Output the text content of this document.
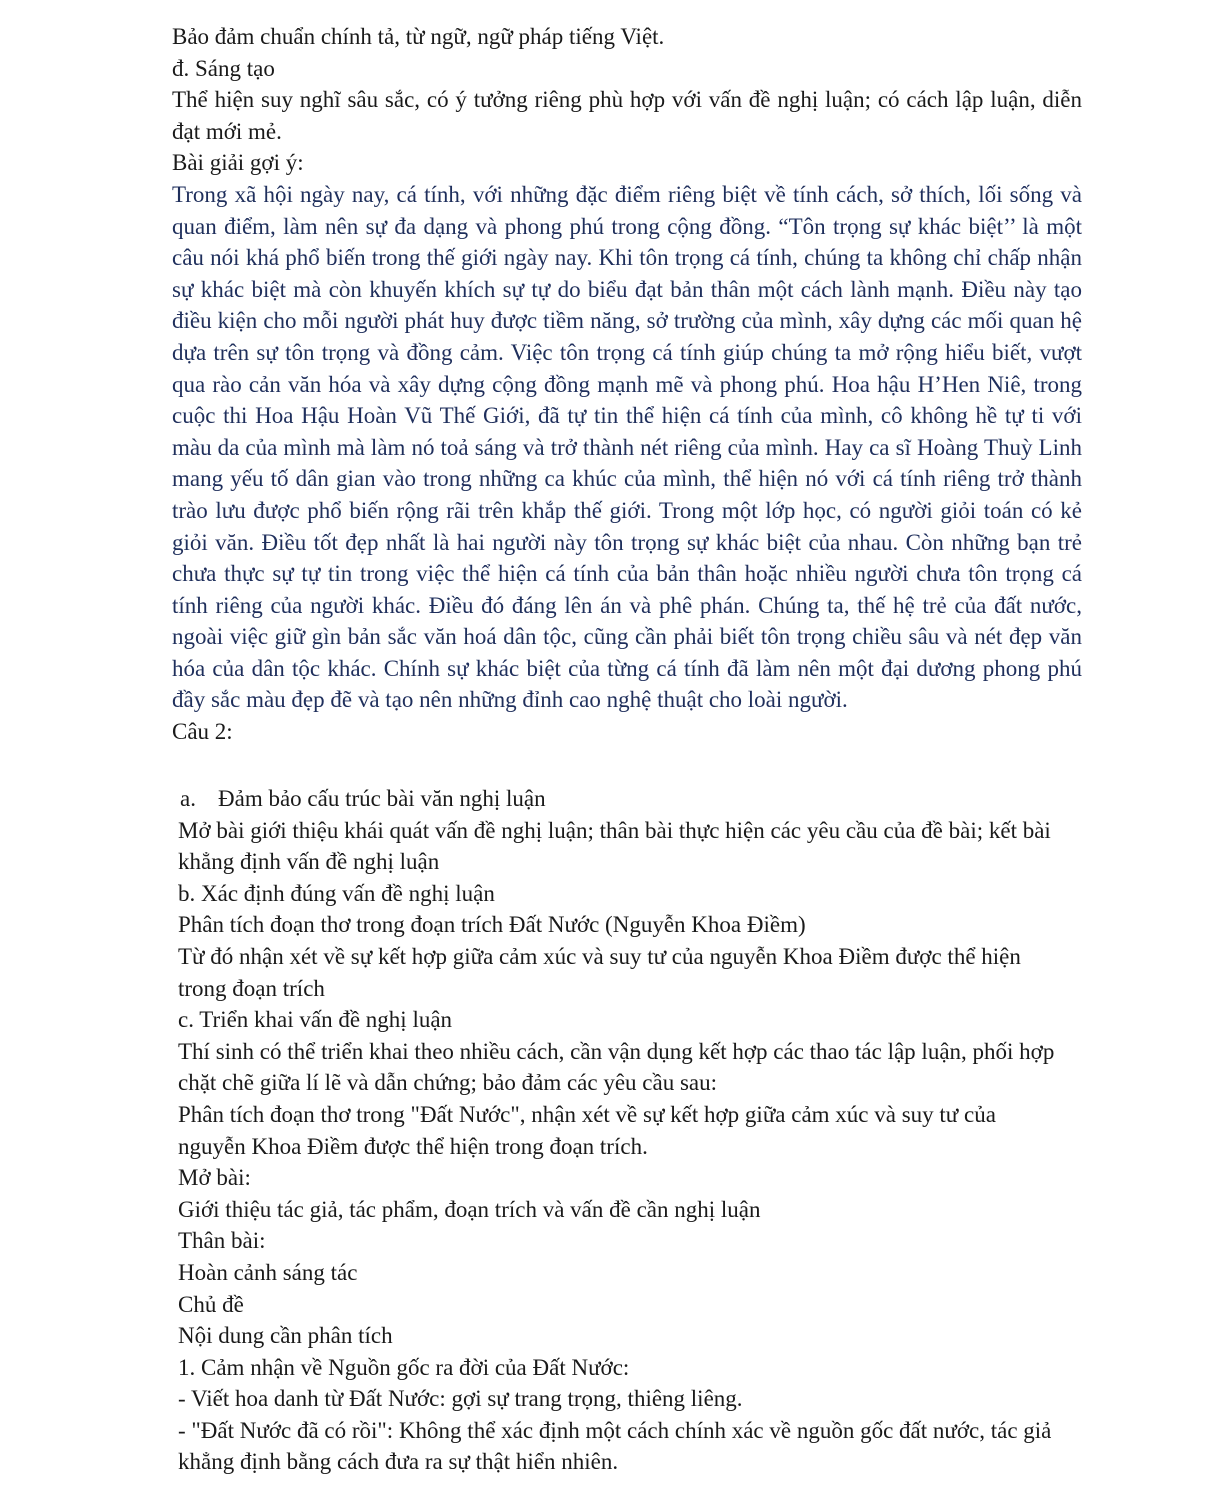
Bảo đảm chuẩn chính tả, từ ngữ, ngữ pháp tiếng Việt.

đ. Sáng tạo

Thể hiện suy nghĩ sâu sắc, có ý tưởng riêng phù hợp với vấn đề nghị luận; có cách lập luận, diễn đạt mới mẻ.

Bài giải gợi ý:

Trong xã hội ngày nay, cá tính, với những đặc điểm riêng biệt về tính cách, sở thích, lối sống và quan điểm, làm nên sự đa dạng và phong phú trong cộng đồng. “Tôn trọng sự khác biệt’’ là một câu nói khá phổ biến trong thế giới ngày nay. Khi tôn trọng cá tính, chúng ta không chỉ chấp nhận sự khác biệt mà còn khuyến khích sự tự do biểu đạt bản thân một cách lành mạnh. Điều này tạo điều kiện cho mỗi người phát huy được tiềm năng, sở trường của mình, xây dựng các mối quan hệ dựa trên sự tôn trọng và đồng cảm. Việc tôn trọng cá tính giúp chúng ta mở rộng hiểu biết, vượt qua rào cản văn hóa và xây dựng cộng đồng mạnh mẽ và phong phú. Hoa hậu H’Hen Niê, trong cuộc thi Hoa Hậu Hoàn Vũ Thế Giới, đã tự tin thể hiện cá tính của mình, cô không hề tự ti với màu da của mình mà làm nó toả sáng và trở thành nét riêng của mình. Hay ca sĩ Hoàng Thuỳ Linh mang yếu tố dân gian vào trong những ca khúc của mình, thể hiện nó với cá tính riêng trở thành trào lưu được phổ biến rộng rãi trên khắp thế giới. Trong một lớp học, có người giỏi toán có kẻ giỏi văn. Điều tốt đẹp nhất là hai người này tôn trọng sự khác biệt của nhau. Còn những bạn trẻ chưa thực sự tự tin trong việc thể hiện cá tính của bản thân hoặc nhiều người chưa tôn trọng cá tính riêng của người khác. Điều đó đáng lên án và phê phán. Chúng ta, thế hệ trẻ của đất nước, ngoài việc giữ gìn bản sắc văn hoá dân tộc, cũng cần phải biết tôn trọng chiều sâu và nét đẹp văn hóa của dân tộc khác. Chính sự khác biệt của từng cá tính đã làm nên một đại dương phong phú đầy sắc màu đẹp đẽ và tạo nên những đỉnh cao nghệ thuật cho loài người.

Câu 2:

a. Đảm bảo cấu trúc bài văn nghị luận

Mở bài giới thiệu khái quát vấn đề nghị luận; thân bài thực hiện các yêu cầu của đề bài; kết bài khẳng định vấn đề nghị luận

b. Xác định đúng vấn đề nghị luận

Phân tích đoạn thơ trong đoạn trích Đất Nước (Nguyễn Khoa Điềm)

Từ đó nhận xét về sự kết hợp giữa cảm xúc và suy tư của nguyễn Khoa Điềm được thể hiện trong đoạn trích

c. Triển khai vấn đề nghị luận

Thí sinh có thể triển khai theo nhiều cách, cần vận dụng kết hợp các thao tác lập luận, phối hợp chặt chẽ giữa lí lẽ và dẫn chứng; bảo đảm các yêu cầu sau:

Phân tích đoạn thơ trong "Đất Nước", nhận xét về sự kết hợp giữa cảm xúc và suy tư của nguyễn Khoa Điềm được thể hiện trong đoạn trích.

Mở bài:

Giới thiệu tác giả, tác phẩm, đoạn trích và vấn đề cần nghị luận

Thân bài:

Hoàn cảnh sáng tác

Chủ đề

Nội dung cần phân tích

1. Cảm nhận về Nguồn gốc ra đời của Đất Nước:

- Viết hoa danh từ Đất Nước: gợi sự trang trọng, thiêng liêng.

- "Đất Nước đã có rồi": Không thể xác định một cách chính xác về nguồn gốc đất nước, tác giả khẳng định bằng cách đưa ra sự thật hiển nhiên.
